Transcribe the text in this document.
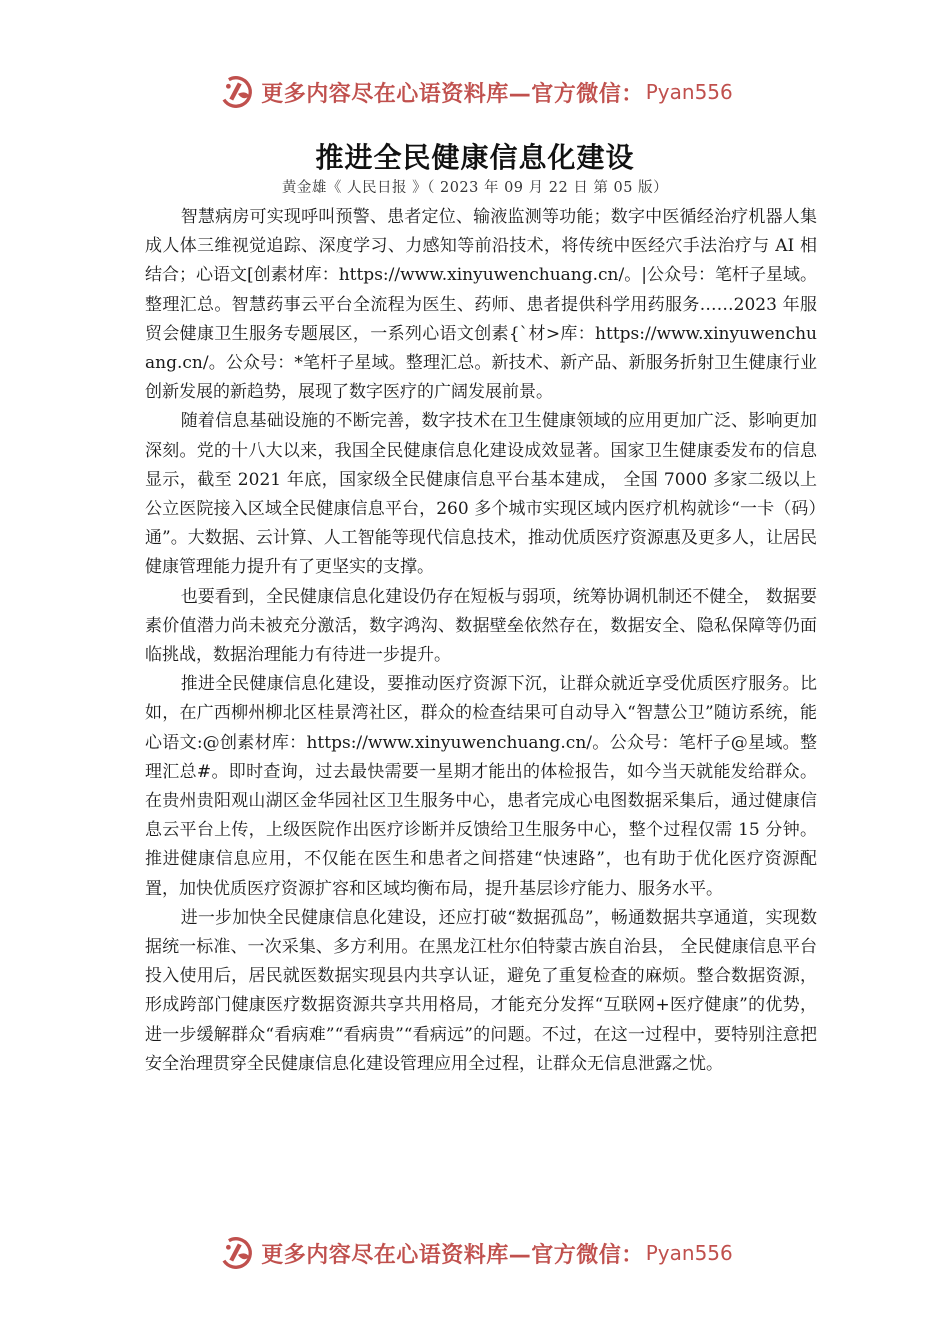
更多内容尽在心语资料库—官方微信： Pyan556
推进全民健康信息化建设
黄金雄《 人民日报 》（ 2023 年 09 月 22 日 第 05 版）

智慧病房可实现呼叫预警、患者定位、输液监测等功能；数字中医循经治疗机器人集成人体三维视觉追踪、深度学习、力感知等前沿技术，将传统中医经穴手法治疗与 AI 相结合；心语文[创素材库：https://www.xinyuwenchuang.cn/。|公众号：笔杆子星域。整理汇总。智慧药事云平台全流程为医生、药师、患者提供科学用药服务……2023 年服贸会健康卫生服务专题展区，一系列心语文创素{`材>库：https://www.xinyuwenchuang.cn/。公众号：*笔杆子星域。整理汇总。新技术、新产品、新服务折射卫生健康行业创新发展的新趋势，展现了数字医疗的广阔发展前景。

随着信息基础设施的不断完善，数字技术在卫生健康领域的应用更加广泛、影响更加深刻。党的十八大以来，我国全民健康信息化建设成效显著。国家卫生健康委发布的信息显示，截至 2021 年底，国家级全民健康信息平台基本建成， 全国 7000 多家二级以上公立医院接入区域全民健康信息平台，260 多个城市实现区域内医疗机构就诊“一卡（码）通”。大数据、云计算、人工智能等现代信息技术，推动优质医疗资源惠及更多人，让居民健康管理能力提升有了更坚实的支撑。

也要看到，全民健康信息化建设仍存在短板与弱项，统筹协调机制还不健全， 数据要素价值潜力尚未被充分激活，数字鸿沟、数据壁垒依然存在，数据安全、隐私保障等仍面临挑战，数据治理能力有待进一步提升。

推进全民健康信息化建设，要推动医疗资源下沉，让群众就近享受优质医疗服务。比如，在广西柳州柳北区桂景湾社区，群众的检查结果可自动导入“智慧公卫”随访系统，能心语文:@创素材库：https://www.xinyuwenchuang.cn/。公众号：笔杆子@星域。整理汇总#。即时查询，过去最快需要一星期才能出的体检报告，如今当天就能发给群众。在贵州贵阳观山湖区金华园社区卫生服务中心，患者完成心电图数据采集后，通过健康信息云平台上传，上级医院作出医疗诊断并反馈给卫生服务中心，整个过程仅需 15 分钟。推进健康信息应用，不仅能在医生和患者之间搭建“快速路”，也有助于优化医疗资源配置，加快优质医疗资源扩容和区域均衡布局，提升基层诊疗能力、服务水平。

进一步加快全民健康信息化建设，还应打破“数据孤岛”，畅通数据共享通道，实现数据统一标准、一次采集、多方利用。在黑龙江杜尔伯特蒙古族自治县， 全民健康信息平台投入使用后，居民就医数据实现县内共享认证，避免了重复检查的麻烦。整合数据资源，形成跨部门健康医疗数据资源共享共用格局，才能充分发挥“互联网+医疗健康”的优势，进一步缓解群众“看病难”“看病贵”“看病远”的问题。不过，在这一过程中，要特别注意把安全治理贯穿全民健康信息化建设管理应用全过程，让群众无信息泄露之忧。

更多内容尽在心语资料库—官方微信： Pyan556
